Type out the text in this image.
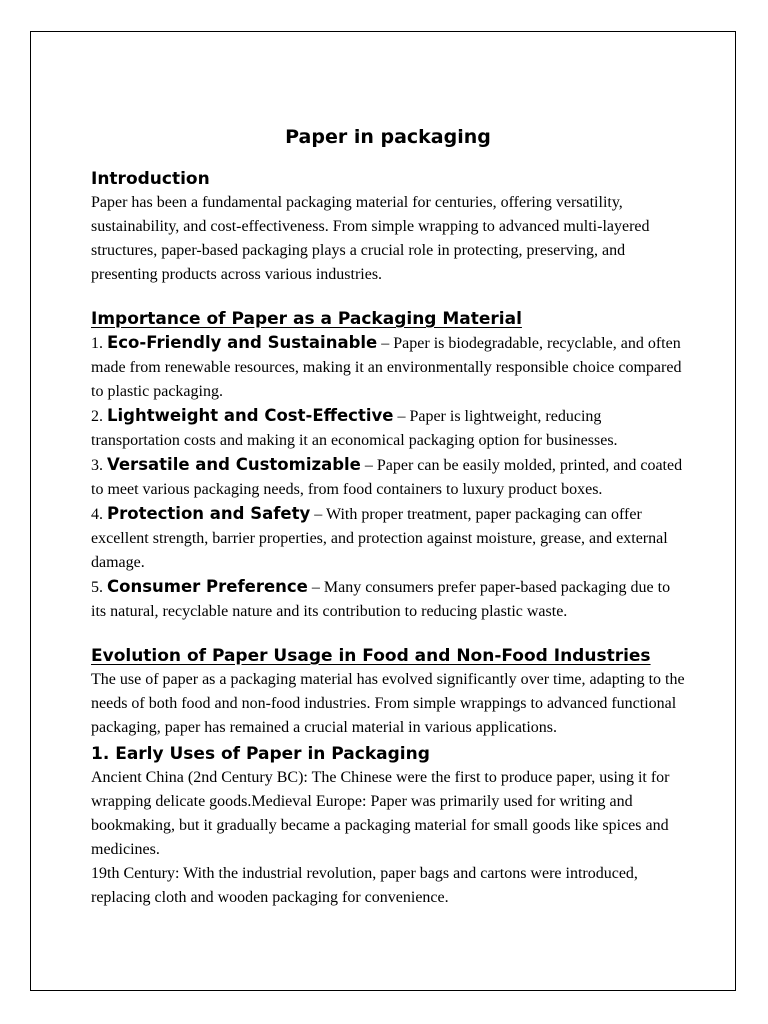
Paper in packaging
Introduction

Paper has been a fundamental packaging material for centuries, offering versatility, sustainability, and cost-effectiveness. From simple wrapping to advanced multi-layered structures, paper-based packaging plays a crucial role in protecting, preserving, and presenting products across various industries.

Importance of Paper as a Packaging Material

1. Eco-Friendly and Sustainable – Paper is biodegradable, recyclable, and often made from renewable resources, making it an environmentally responsible choice compared to plastic packaging.

2. Lightweight and Cost-Effective – Paper is lightweight, reducing transportation costs and making it an economical packaging option for businesses.

3. Versatile and Customizable – Paper can be easily molded, printed, and coated to meet various packaging needs, from food containers to luxury product boxes.

4. Protection and Safety – With proper treatment, paper packaging can offer excellent strength, barrier properties, and protection against moisture, grease, and external damage.

5. Consumer Preference – Many consumers prefer paper-based packaging due to its natural, recyclable nature and its contribution to reducing plastic waste.

Evolution of Paper Usage in Food and Non-Food Industries

The use of paper as a packaging material has evolved significantly over time, adapting to the needs of both food and non-food industries. From simple wrappings to advanced functional packaging, paper has remained a crucial material in various applications.

1. Early Uses of Paper in Packaging

Ancient China (2nd Century BC): The Chinese were the first to produce paper, using it for wrapping delicate goods.Medieval Europe: Paper was primarily used for writing and bookmaking, but it gradually became a packaging material for small goods like spices and medicines.

19th Century: With the industrial revolution, paper bags and cartons were introduced, replacing cloth and wooden packaging for convenience.
